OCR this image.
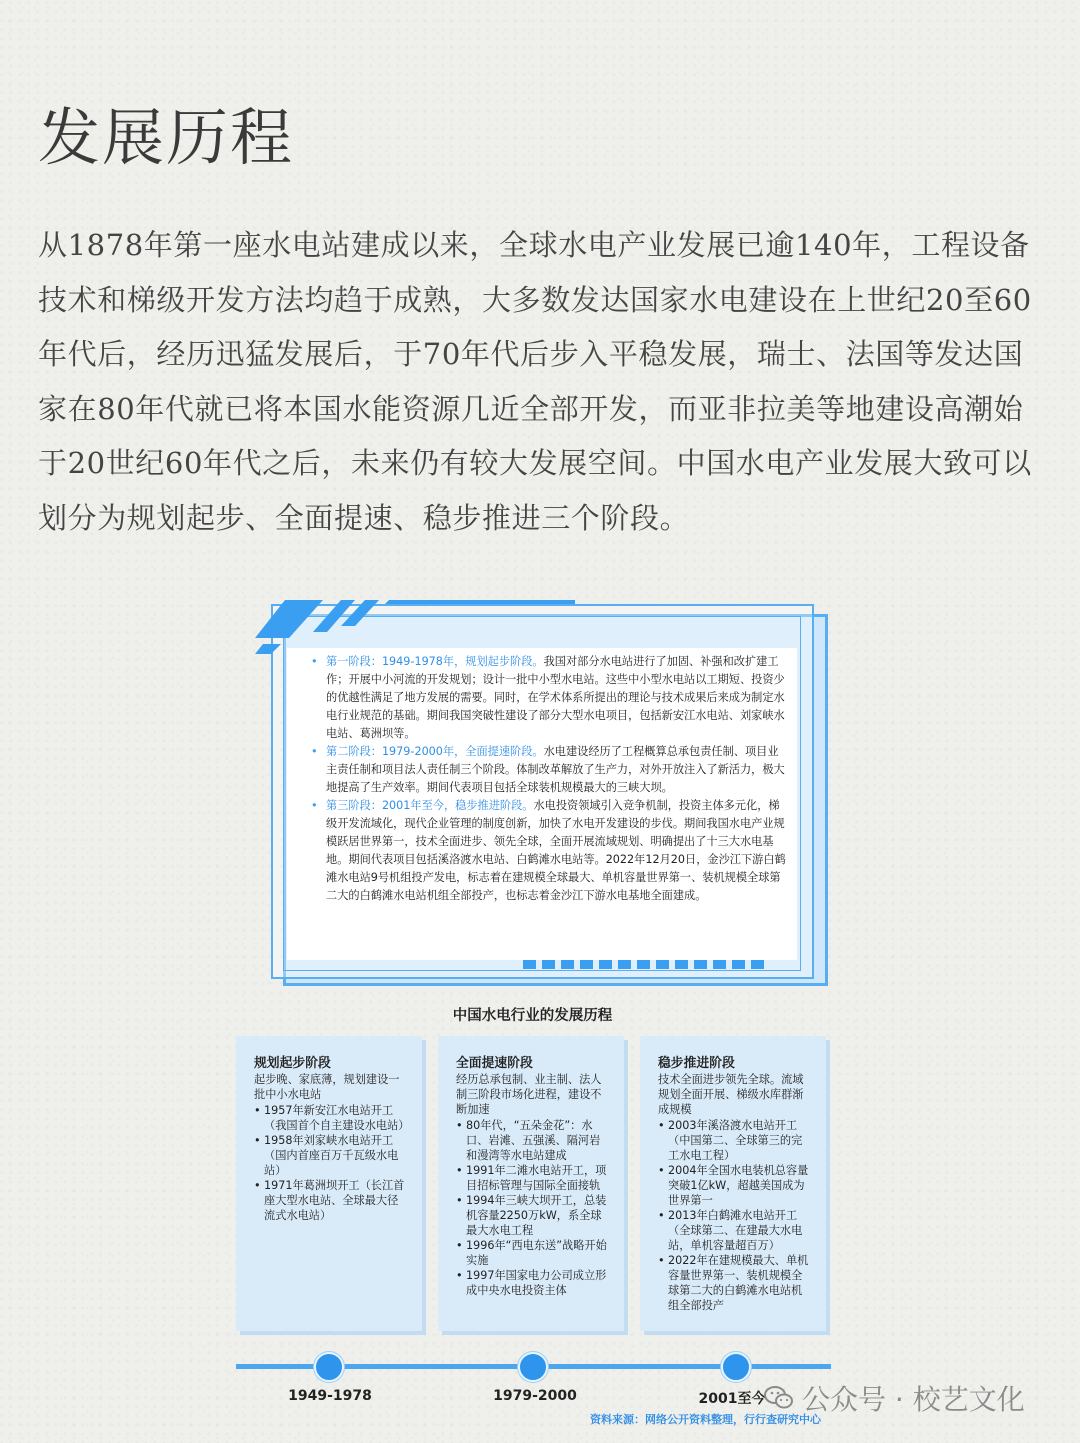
发展历程
从1878年第一座水电站建成以来，全球水电产业发展已逾140年，工程设备技术和梯级开发方法均趋于成熟，大多数发达国家水电建设在上世纪20至60年代后，经历迅猛发展后，于70年代后步入平稳发展，瑞士、法国等发达国家在80年代就已将本国水能资源几近全部开发，而亚非拉美等地建设高潮始于20世纪60年代之后，未来仍有较大发展空间。中国水电产业发展大致可以划分为规划起步、全面提速、稳步推进三个阶段。

• 第一阶段：1949-1978年，规划起步阶段。我国对部分水电站进行了加固、补强和改扩建工作；开展中小河流的开发规划；设计一批中小型水电站。这些中小型水电站以工期短、投资少的优越性满足了地方发展的需要。同时，在学术体系所提出的理论与技术成果后来成为制定水电行业规范的基础。期间我国突破性建设了部分大型水电项目，包括新安江水电站、刘家峡水电站、葛洲坝等。

• 第二阶段：1979-2000年，全面提速阶段。水电建设经历了工程概算总承包责任制、项目业主责任制和项目法人责任制三个阶段。体制改革解放了生产力，对外开放注入了新活力，极大地提高了生产效率。期间代表项目包括全球装机规模最大的三峡大坝。

• 第三阶段：2001年至今，稳步推进阶段。水电投资领域引入竞争机制，投资主体多元化，梯级开发流域化，现代企业管理的制度创新，加快了水电开发建设的步伐。期间我国水电产业规模跃居世界第一，技术全面进步、领先全球，全面开展流域规划、明确提出了十三大水电基地。期间代表项目包括溪洛渡水电站、白鹤滩水电站等。2022年12月20日，金沙江下游白鹤滩水电站9号机组投产发电，标志着在建规模全球最大、单机容量世界第一、装机规模全球第二大的白鹤滩水电站机组全部投产，也标志着金沙江下游水电基地全面建成。

中国水电行业的发展历程
规划起步阶段
起步晚、家底薄，规划建设一批中小水电站
• 1957年新安江水电站开工（我国首个自主建设水电站）
• 1958年刘家峡水电站开工（国内首座百万千瓦级水电站）
• 1971年葛洲坝开工（长江首座大型水电站、全球最大径流式水电站）
全面提速阶段
经历总承包制、业主制、法人制三阶段市场化进程，建设不断加速
• 80年代，“五朵金花”：水口、岩滩、五强溪、隔河岩和漫湾等水电站建成
• 1991年二滩水电站开工，项目招标管理与国际全面接轨
• 1994年三峡大坝开工，总装机容量2250万kW，系全球最大水电工程
• 1996年“西电东送”战略开始实施
• 1997年国家电力公司成立形成中央水电投资主体
稳步推进阶段
技术全面进步领先全球。流域规划全面开展、梯级水库群渐成规模
• 2003年溪洛渡水电站开工（中国第二、全球第三的完工水电工程）
• 2004年全国水电装机总容量突破1亿kW，超越美国成为世界第一
• 2013年白鹤滩水电站开工（全球第二、在建最大水电站，单机容量超百万）
• 2022年在建规模最大、单机容量世界第一、装机规模全球第二大的白鹤滩水电站机组全部投产
1949-1978	1979-2000	2001至今
资料来源：网络公开资料整理，行行查研究中心
公众号 · 校艺文化
